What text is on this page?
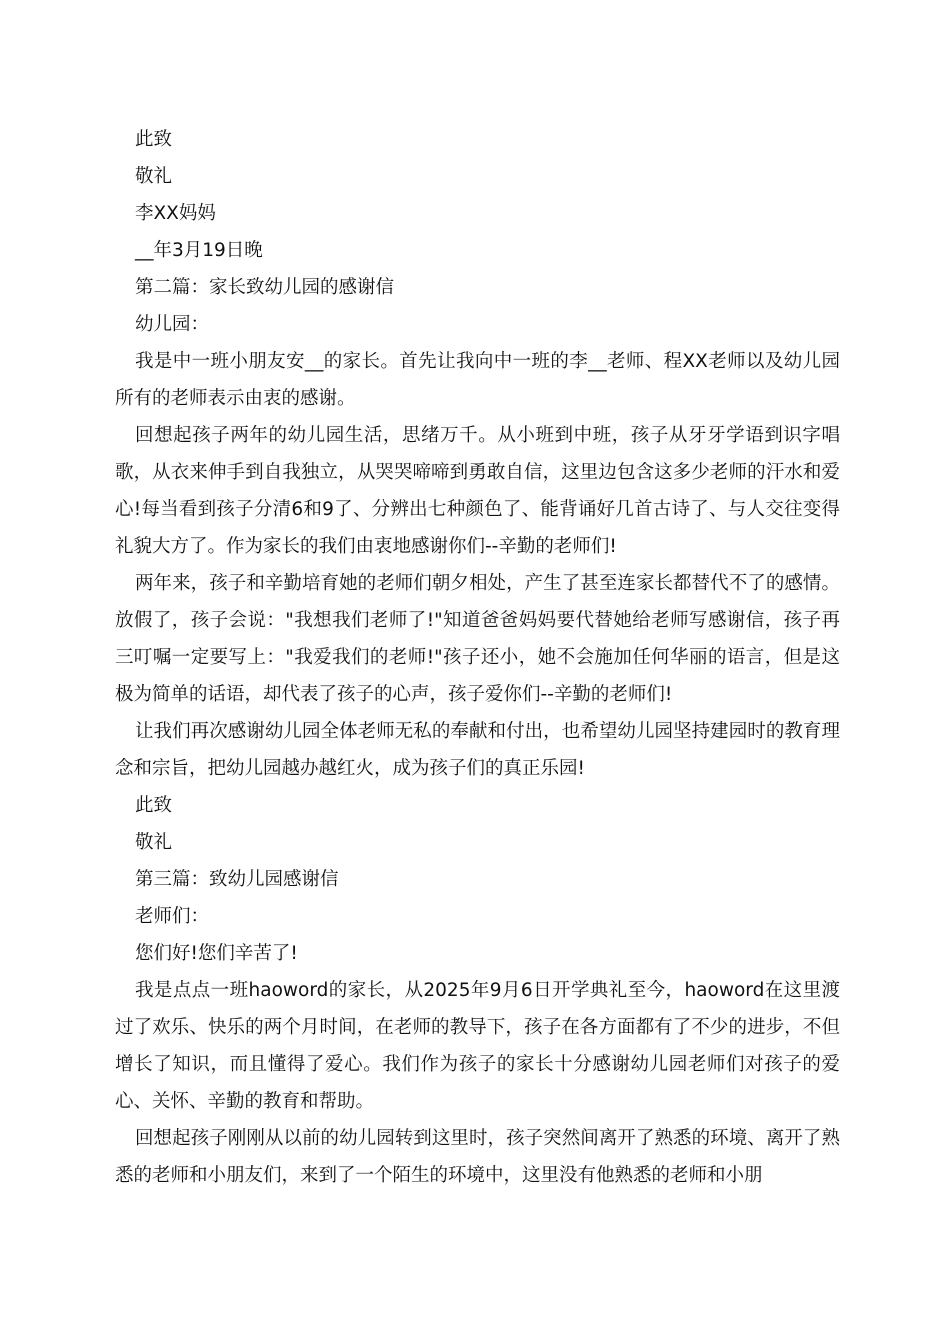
此致
敬礼
李XX妈妈
__年3月19日晚
第二篇：家长致幼儿园的感谢信
幼儿园：
我是中一班小朋友安__的家长。首先让我向中一班的李__老师、程XX老师以及幼儿园所有的老师表示由衷的感谢。
回想起孩子两年的幼儿园生活，思绪万千。从小班到中班，孩子从牙牙学语到识字唱歌，从衣来伸手到自我独立，从哭哭啼啼到勇敢自信，这里边包含这多少老师的汗水和爱心!每当看到孩子分清6和9了、分辨出七种颜色了、能背诵好几首古诗了、与人交往变得礼貌大方了。作为家长的我们由衷地感谢你们--辛勤的老师们!
两年来，孩子和辛勤培育她的老师们朝夕相处，产生了甚至连家长都替代不了的感情。放假了，孩子会说："我想我们老师了!"知道爸爸妈妈要代替她给老师写感谢信，孩子再三叮嘱一定要写上："我爱我们的老师!"孩子还小，她不会施加任何华丽的语言，但是这极为简单的话语，却代表了孩子的心声，孩子爱你们--辛勤的老师们!
让我们再次感谢幼儿园全体老师无私的奉献和付出，也希望幼儿园坚持建园时的教育理念和宗旨，把幼儿园越办越红火，成为孩子们的真正乐园!
此致
敬礼
第三篇：致幼儿园感谢信
老师们：
您们好!您们辛苦了!
我是点点一班haoword的家长，从2025年9月6日开学典礼至今，haoword在这里渡过了欢乐、快乐的两个月时间，在老师的教导下，孩子在各方面都有了不少的进步，不但增长了知识，而且懂得了爱心。我们作为孩子的家长十分感谢幼儿园老师们对孩子的爱心、关怀、辛勤的教育和帮助。
回想起孩子刚刚从以前的幼儿园转到这里时，孩子突然间离开了熟悉的环境、离开了熟悉的老师和小朋友们，来到了一个陌生的环境中，这里没有他熟悉的老师和小朋
